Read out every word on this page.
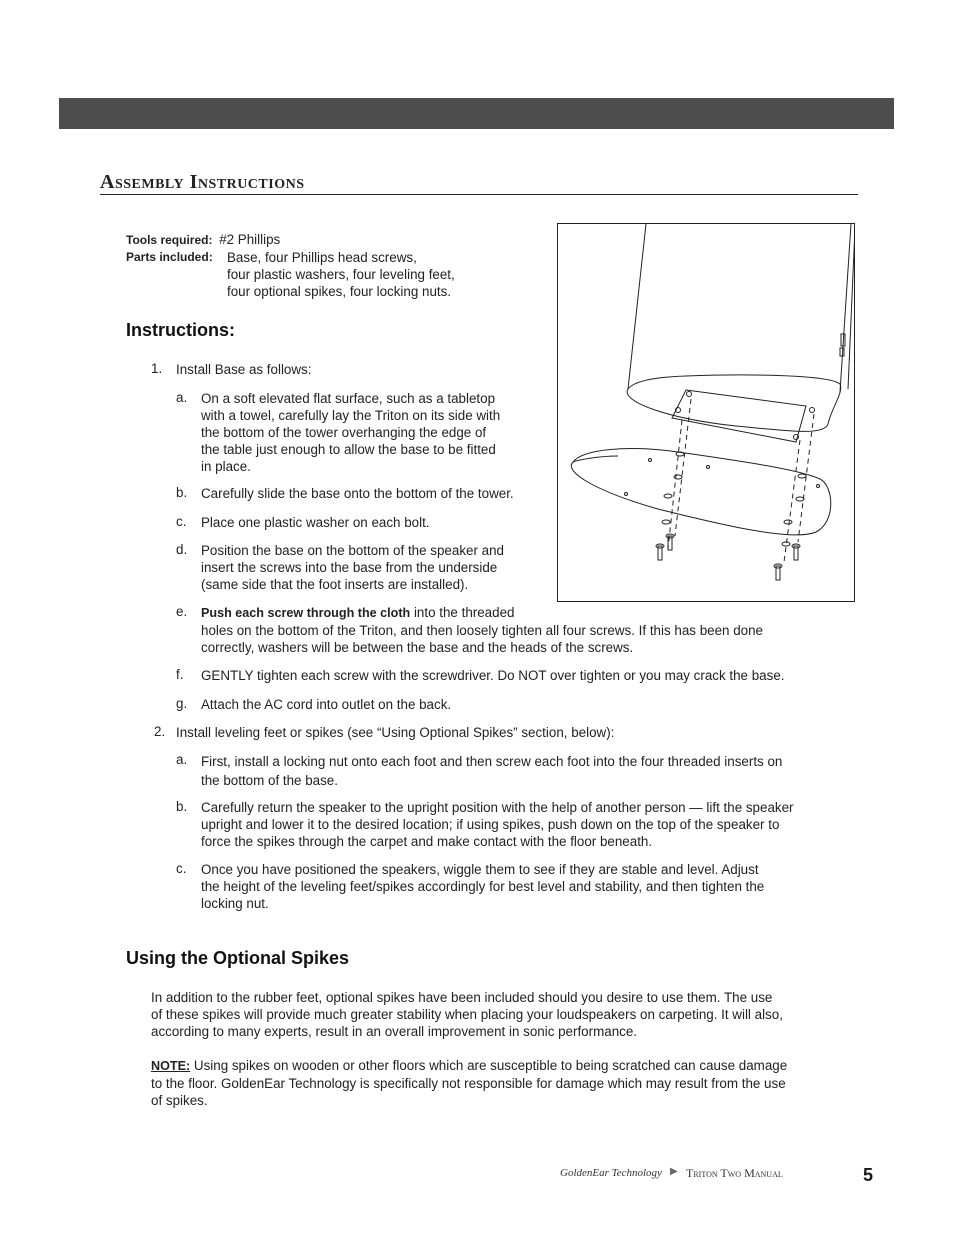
Assembly Instructions
Tools required: #2 Phillips
Parts included: Base, four Phillips head screws,
four plastic washers, four leveling feet,
four optional spikes, four locking nuts.
Instructions:
1. Install Base as follows:
a. On a soft elevated flat surface, such as a tabletop
with a towel, carefully lay the Triton on its side with
the bottom of the tower overhanging the edge of
the table just enough to allow the base to be fitted
in place.
b. Carefully slide the base onto the bottom of the tower.
c. Place one plastic washer on each bolt.
d. Position the base on the bottom of the speaker and
insert the screws into the base from the underside
(same side that the foot inserts are installed).
e. Push each screw through the cloth into the threaded
holes on the bottom of the Triton, and then loosely tighten all four screws. If this has been done
correctly, washers will be between the base and the heads of the screws.
f. GENTLY tighten each screw with the screwdriver. Do NOT over tighten or you may crack the base.
g. Attach the AC cord into outlet on the back.
2. Install leveling feet or spikes (see “Using Optional Spikes” section, below):
a. First, install a locking nut onto each foot and then screw each foot into the four threaded inserts on
the bottom of the base.
b. Carefully return the speaker to the upright position with the help of another person — lift the speaker
upright and lower it to the desired location; if using spikes, push down on the top of the speaker to
force the spikes through the carpet and make contact with the floor beneath.
c. Once you have positioned the speakers, wiggle them to see if they are stable and level. Adjust
the height of the leveling feet/spikes accordingly for best level and stability, and then tighten the
locking nut.
Using the Optional Spikes
In addition to the rubber feet, optional spikes have been included should you desire to use them. The use
of these spikes will provide much greater stability when placing your loudspeakers on carpeting. It will also,
according to many experts, result in an overall improvement in sonic performance.
NOTE: Using spikes on wooden or other floors which are susceptible to being scratched can cause damage
to the floor. GoldenEar Technology is specifically not responsible for damage which may result from the use
of spikes.
GoldenEar Technology ▶ Triton Two Manual	5
